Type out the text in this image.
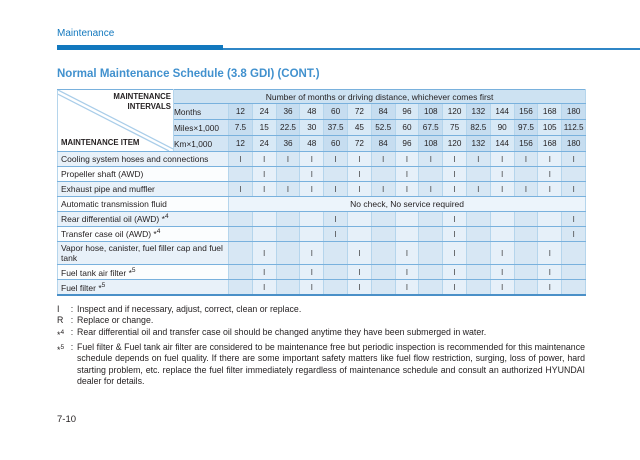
Maintenance
Normal Maintenance Schedule (3.8 GDI) (CONT.)
MAINTENANCE INTERVALS
MAINTENANCE ITEM	Number of months or driving distance, whichever comes first															
	Months	12	24	36	48	60	72	84	96	108	120	132	144	156	168	180
	Miles×1,000	7.5	15	22.5	30	37.5	45	52.5	60	67.5	75	82.5	90	97.5	105	112.5
	Km×1,000	12	24	36	48	60	72	84	96	108	120	132	144	156	168	180
Cooling system hoses and connections		I	I	I	I	I	I	I	I	I	I	I	I	I	I	I
Propeller shaft (AWD)			I		I		I		I		I		I		I	
Exhaust pipe and muffler		I	I	I	I	I	I	I	I	I	I	I	I	I	I	I
Automatic transmission fluid		No check, No service required														
Rear differential oil (AWD) *$^4$						I					I					I
Transfer case oil (AWD) *$^4$						I					I					I
Vapor hose, canister, fuel filler cap and fuel tank			I		I		I		I		I		I		I	
Fuel tank air filter *$^5$			I		I		I		I		I		I		I	
Fuel filter *$^5$			I		I		I		I		I		I		I	
I	: Inspect and if necessary, adjust, correct, clean or replace.
R : Replace or change.
*$^4$ : Rear differential oil and transfer case oil should be changed anytime they have been submerged in water.
*$^5$ : Fuel filter & Fuel tank air filter are considered to be maintenance free but periodic inspection is recommended for this maintenance schedule depends on fuel quality. If there are some important safety matters like fuel flow restriction, surging, loss of power, hard starting problem, etc. replace the fuel filter immediately regardless of maintenance schedule and consult an authorized HYUNDAI dealer for details.
7-10
